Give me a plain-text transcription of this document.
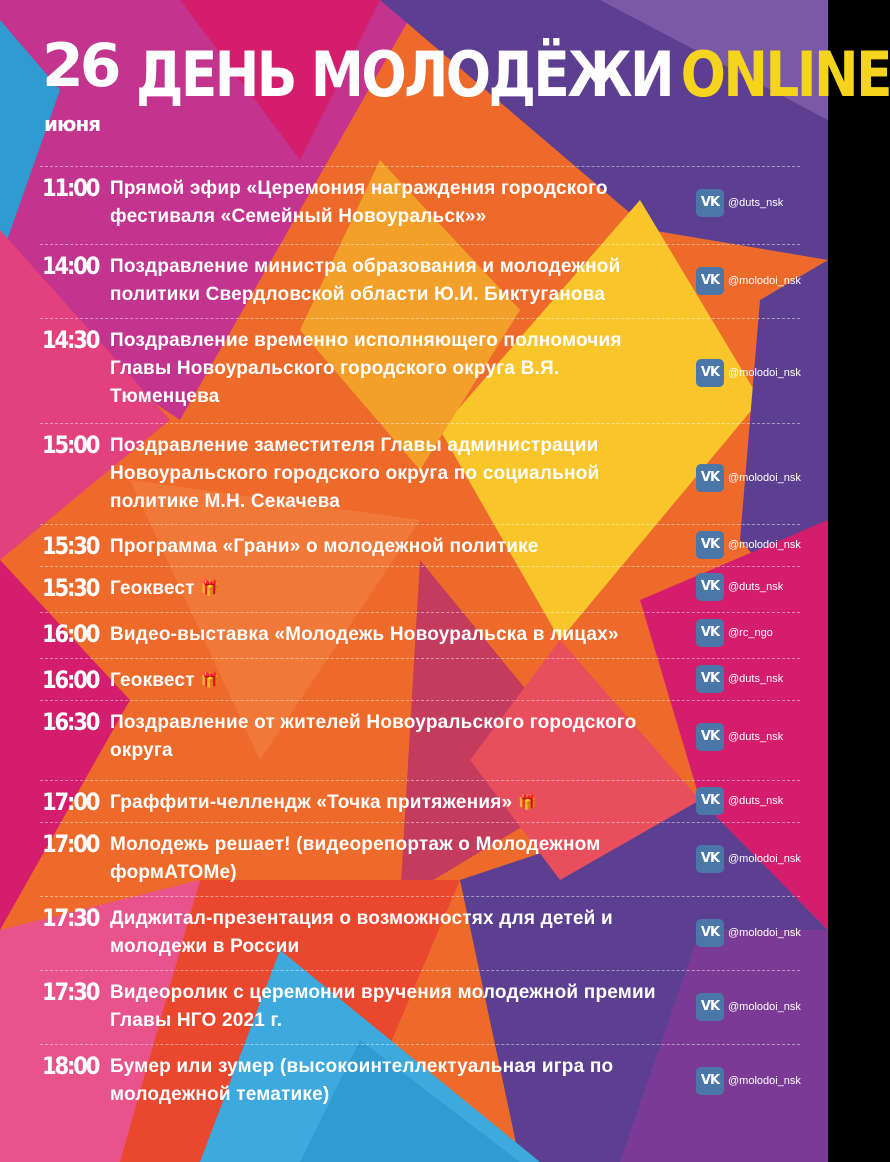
26
июня
ДЕНЬ МОЛОДЁЖИ ONLINE
11:00 Прямой эфир «Церемония награждения городского
фестиваля «Семейный Новоуральск»»
VK @duts_nsk
14:00 Поздравление министра образования и молодежной
политики Свердловской области Ю.И. Биктуганова
VK @molodoi_nsk
14:30 Поздравление временно исполняющего полномочия
Главы Новоуральского городского округа В.Я.
Тюменцева
VK @molodoi_nsk
15:00 Поздравление заместителя Главы администрации
Новоуральского городского округа по социальной
политике М.Н. Секачева
VK @molodoi_nsk
15:30 Программа «Грани» о молодежной политике	VK @molodoi_nsk
15:30 Геоквест 🎁	VK @duts_nsk
16:00 Видео-выставка «Молодежь Новоуральска в лицах»	VK @rc_ngo
16:00 Геоквест 🎁	VK @duts_nsk
16:30 Поздравление от жителей Новоуральского городского
округа
VK @duts_nsk
17:00 Граффити-челлендж «Точка притяжения» 🎁	VK @duts_nsk
17:00 Молодежь решает! (видеорепортаж о Молодежном
формАТОМе)
VK @molodoi_nsk
17:30 Диджитал-презентация о возможностях для детей и
молодежи в России
VK @molodoi_nsk
17:30 Видеоролик с церемонии вручения молодежной премии
Главы НГО 2021 г.
VK @molodoi_nsk
18:00 Бумер или зумер (высокоинтеллектуальная игра по
молодежной тематике)
VK @molodoi_nsk
